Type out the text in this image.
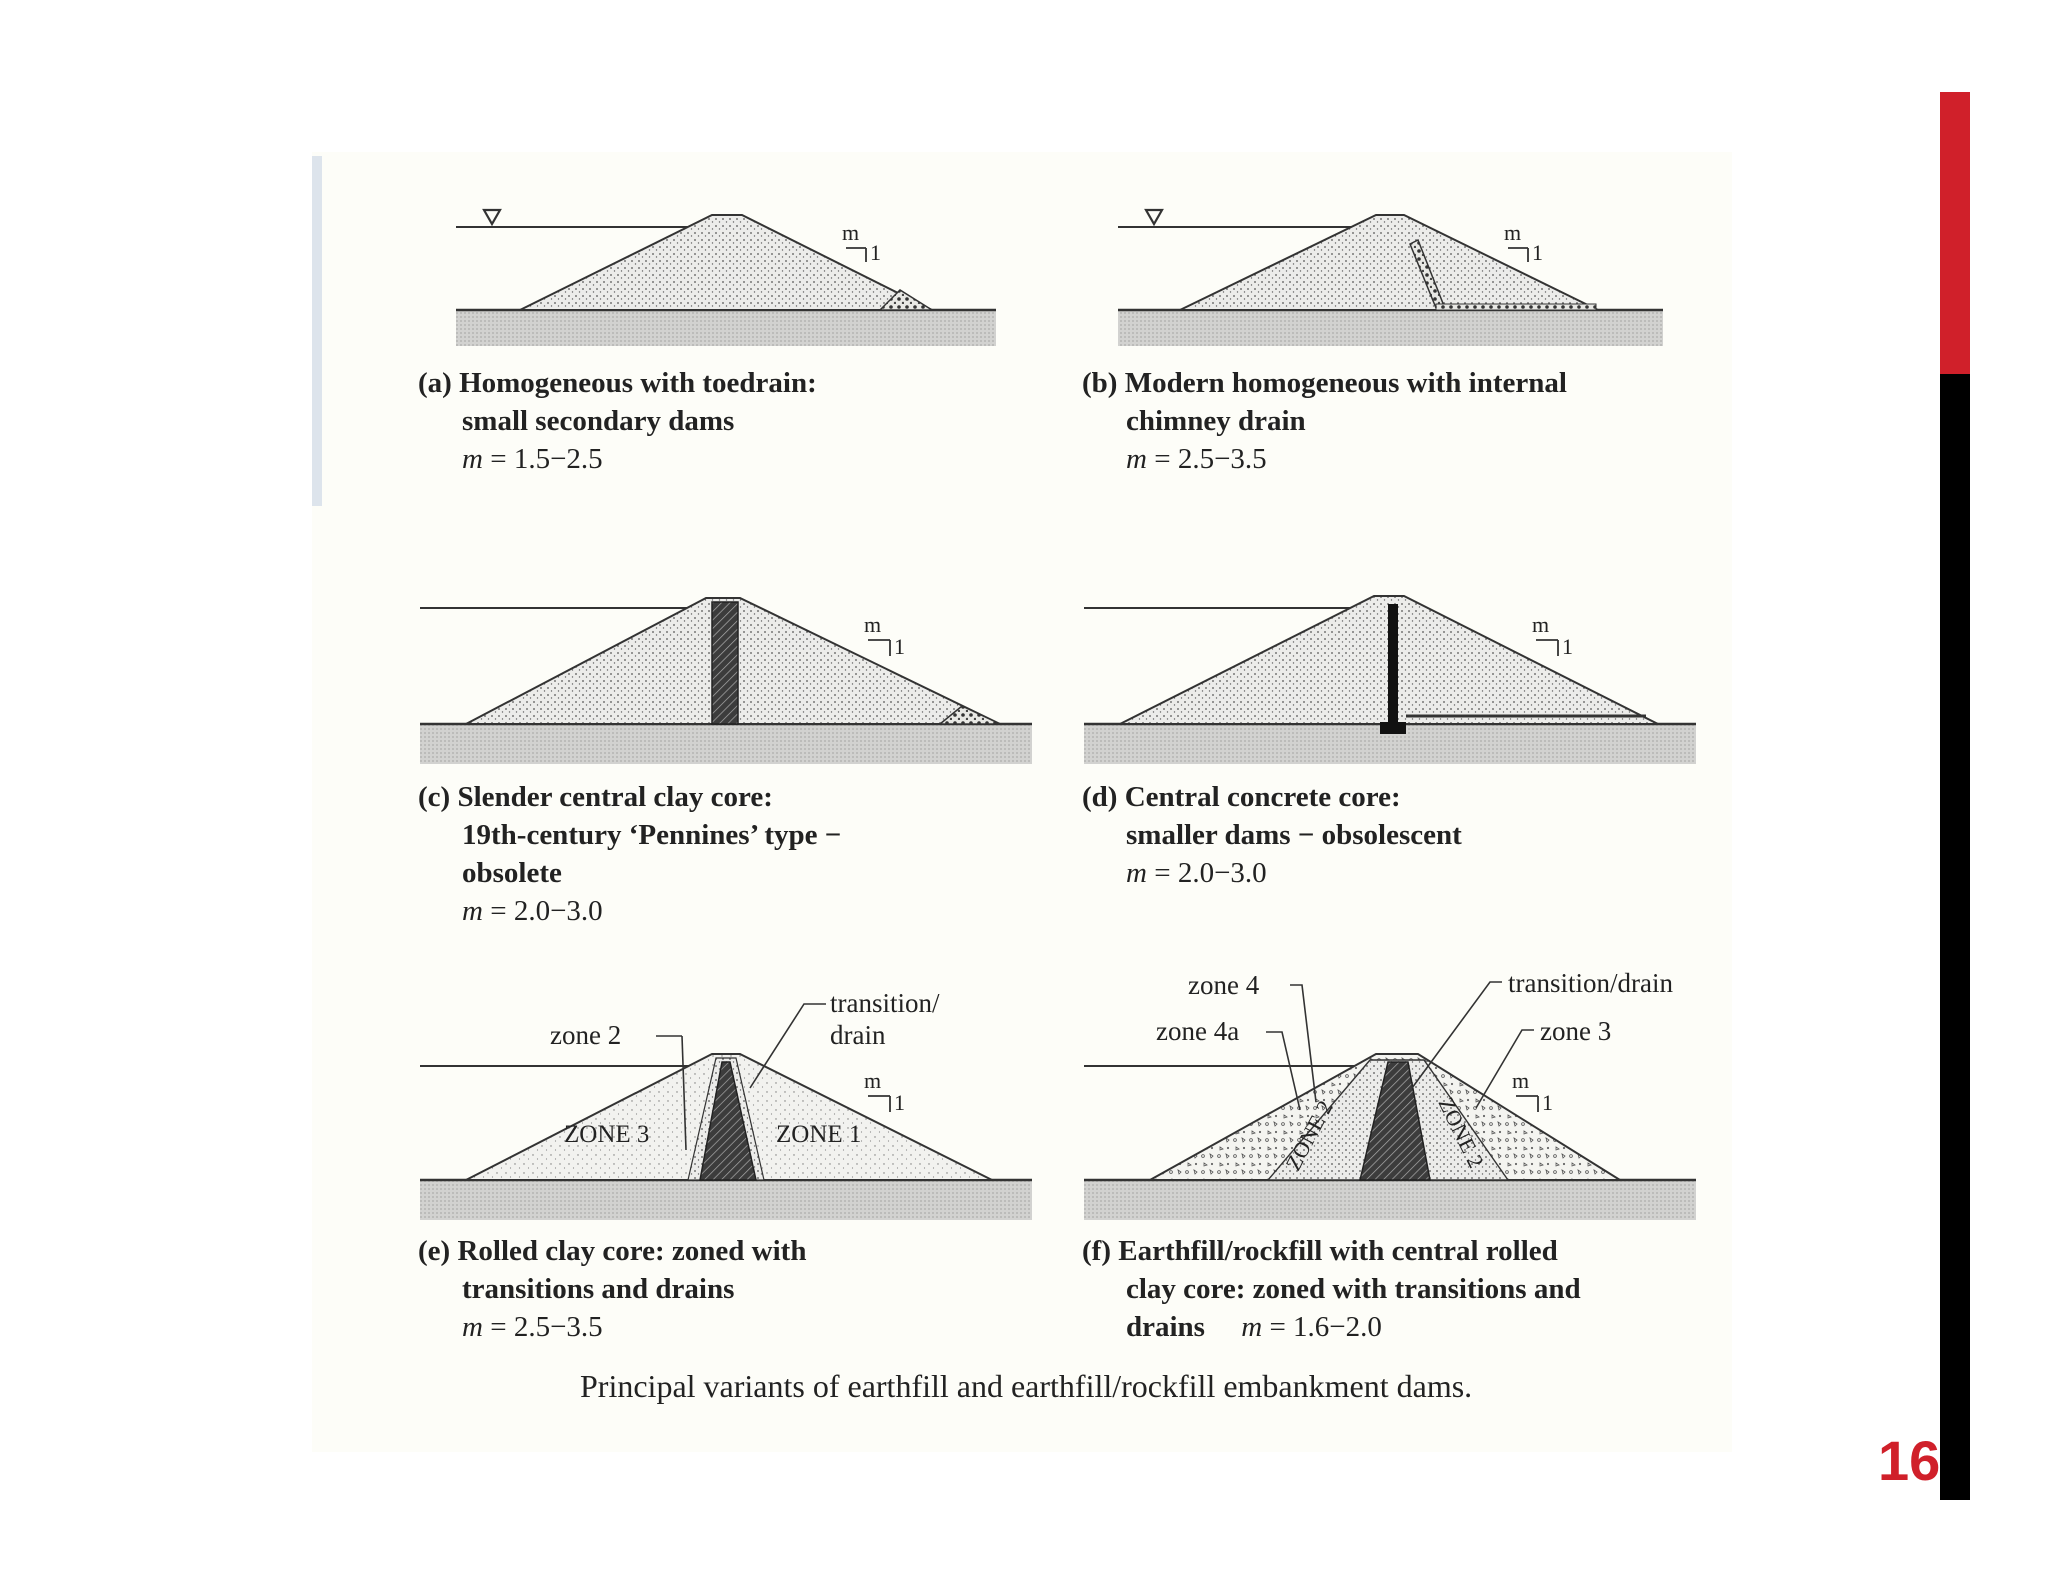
m
1
m
1
m
1
m
1
m
1
m
1
zone 2
transition/
drain
ZONE 3	ZONE 1
zone 4
zone 4a
transition/drain
zone 3
ZONE 2	ZONE 2
(a) Homogeneous with toedrain:
small secondary dams
m = 1.5−2.5
(b) Modern homogeneous with internal
chimney drain
m = 2.5−3.5
(c) Slender central clay core:
19th-century ‘Pennines’ type −
obsolete
m = 2.0−3.0
(d) Central concrete core:
smaller dams − obsolescent
m = 2.0−3.0
(e) Rolled clay core: zoned with
transitions and drains
m = 2.5−3.5
(f) Earthfill/rockfill with central rolled
clay core: zoned with transitions and
drains m = 1.6−2.0
Principal variants of earthfill and earthfill/rockfill embankment dams.
16
